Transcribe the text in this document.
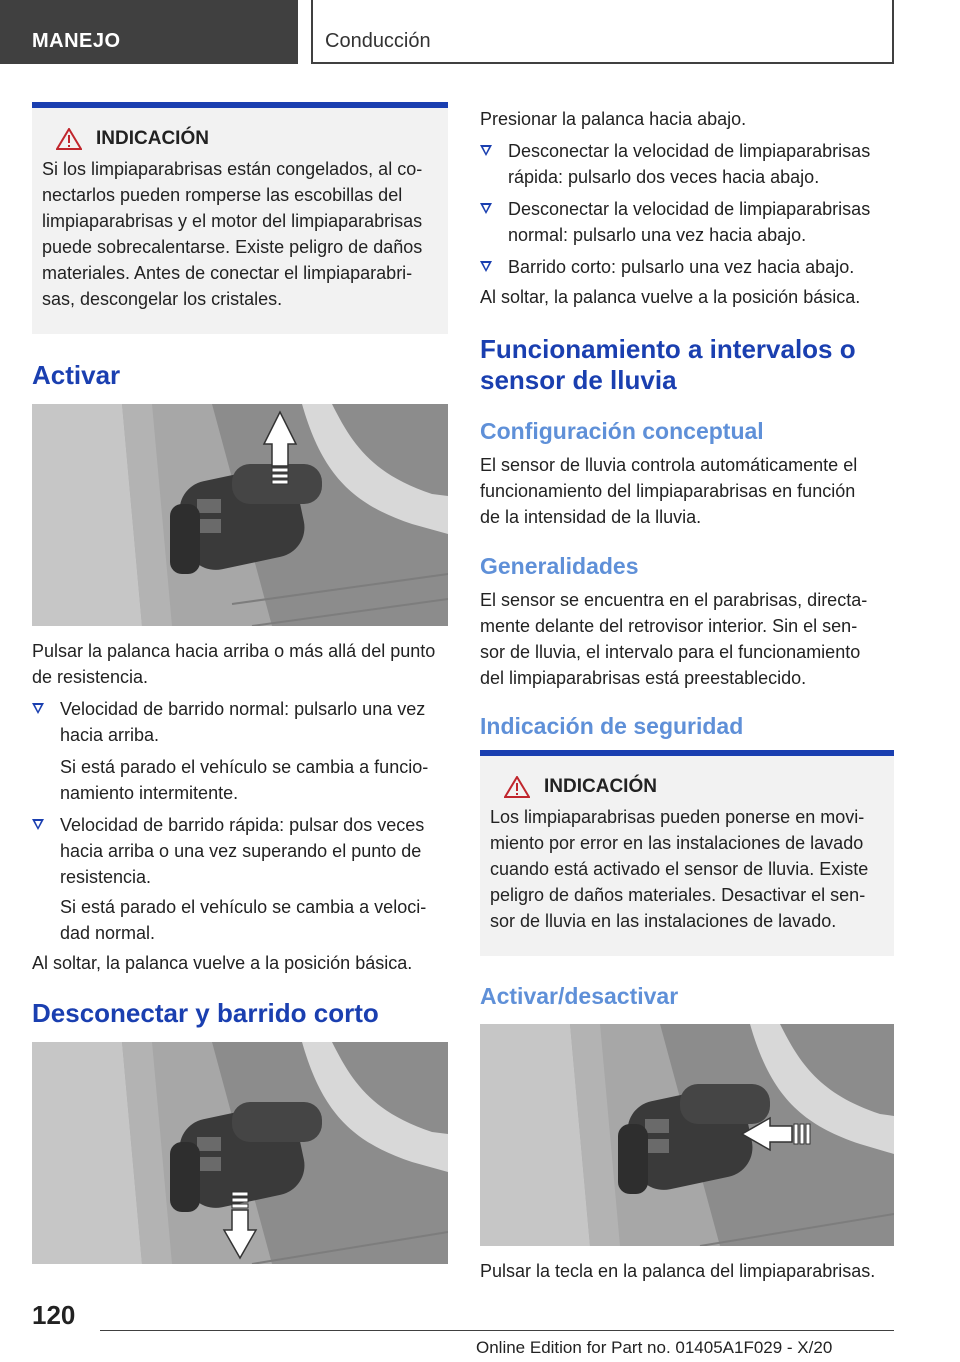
MANEJO	Conducción
INDICACIÓN
Si los limpiaparabrisas están congelados, al co-
nectarlos pueden romperse las escobillas del
limpiaparabrisas y el motor del limpiaparabrisas
puede sobrecalentarse. Existe peligro de daños
materiales. Antes de conectar el limpiaparabri-
sas, descongelar los cristales.
Activar
Pulsar la palanca hacia arriba o más allá del punto
de resistencia.
Velocidad de barrido normal: pulsarlo una vez
hacia arriba.
Si está parado el vehículo se cambia a funcio-
namiento intermitente.
Velocidad de barrido rápida: pulsar dos veces
hacia arriba o una vez superando el punto de
resistencia.
Si está parado el vehículo se cambia a veloci-
dad normal.
Al soltar, la palanca vuelve a la posición básica.
Desconectar y barrido corto
Presionar la palanca hacia abajo.
Desconectar la velocidad de limpiaparabrisas
rápida: pulsarlo dos veces hacia abajo.
Desconectar la velocidad de limpiaparabrisas
normal: pulsarlo una vez hacia abajo.
Barrido corto: pulsarlo una vez hacia abajo.
Al soltar, la palanca vuelve a la posición básica.
Funcionamiento a intervalos o
sensor de lluvia
Configuración conceptual
El sensor de lluvia controla automáticamente el
funcionamiento del limpiaparabrisas en función
de la intensidad de la lluvia.
Generalidades
El sensor se encuentra en el parabrisas, directa-
mente delante del retrovisor interior. Sin el sen-
sor de lluvia, el intervalo para el funcionamiento
del limpiaparabrisas está preestablecido.
Indicación de seguridad
INDICACIÓN
Los limpiaparabrisas pueden ponerse en movi-
miento por error en las instalaciones de lavado
cuando está activado el sensor de lluvia. Existe
peligro de daños materiales. Desactivar el sen-
sor de lluvia en las instalaciones de lavado.
Activar/desactivar
Pulsar la tecla en la palanca del limpiaparabrisas.
120
Online Edition for Part no. 01405A1F029 - X/20
